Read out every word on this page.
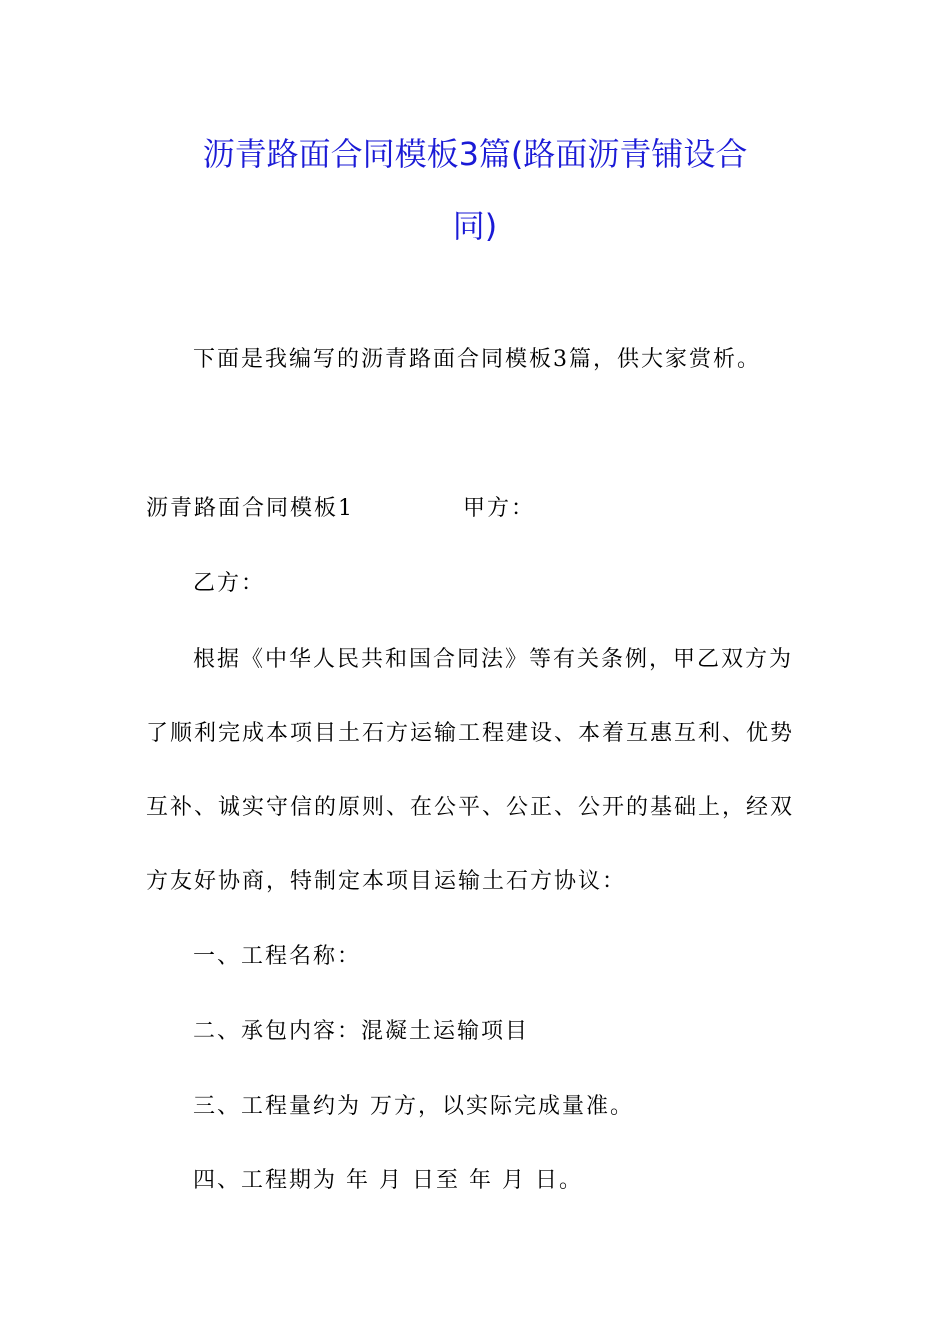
沥青路面合同模板3篇(路面沥青铺设合
同)
下面是我编写的沥青路面合同模板3篇，供大家赏析。
沥青路面合同模板1	甲方：
乙方：
根据《中华人民共和国合同法》等有关条例，甲乙双方为
了顺利完成本项目土石方运输工程建设、本着互惠互利、优势
互补、诚实守信的原则、在公平、公正、公开的基础上，经双
方友好协商，特制定本项目运输土石方协议：
一、工程名称：
二、承包内容：混凝土运输项目
三、工程量约为 万方，以实际完成量准。
四、工程期为 年 月 日至 年 月 日。
